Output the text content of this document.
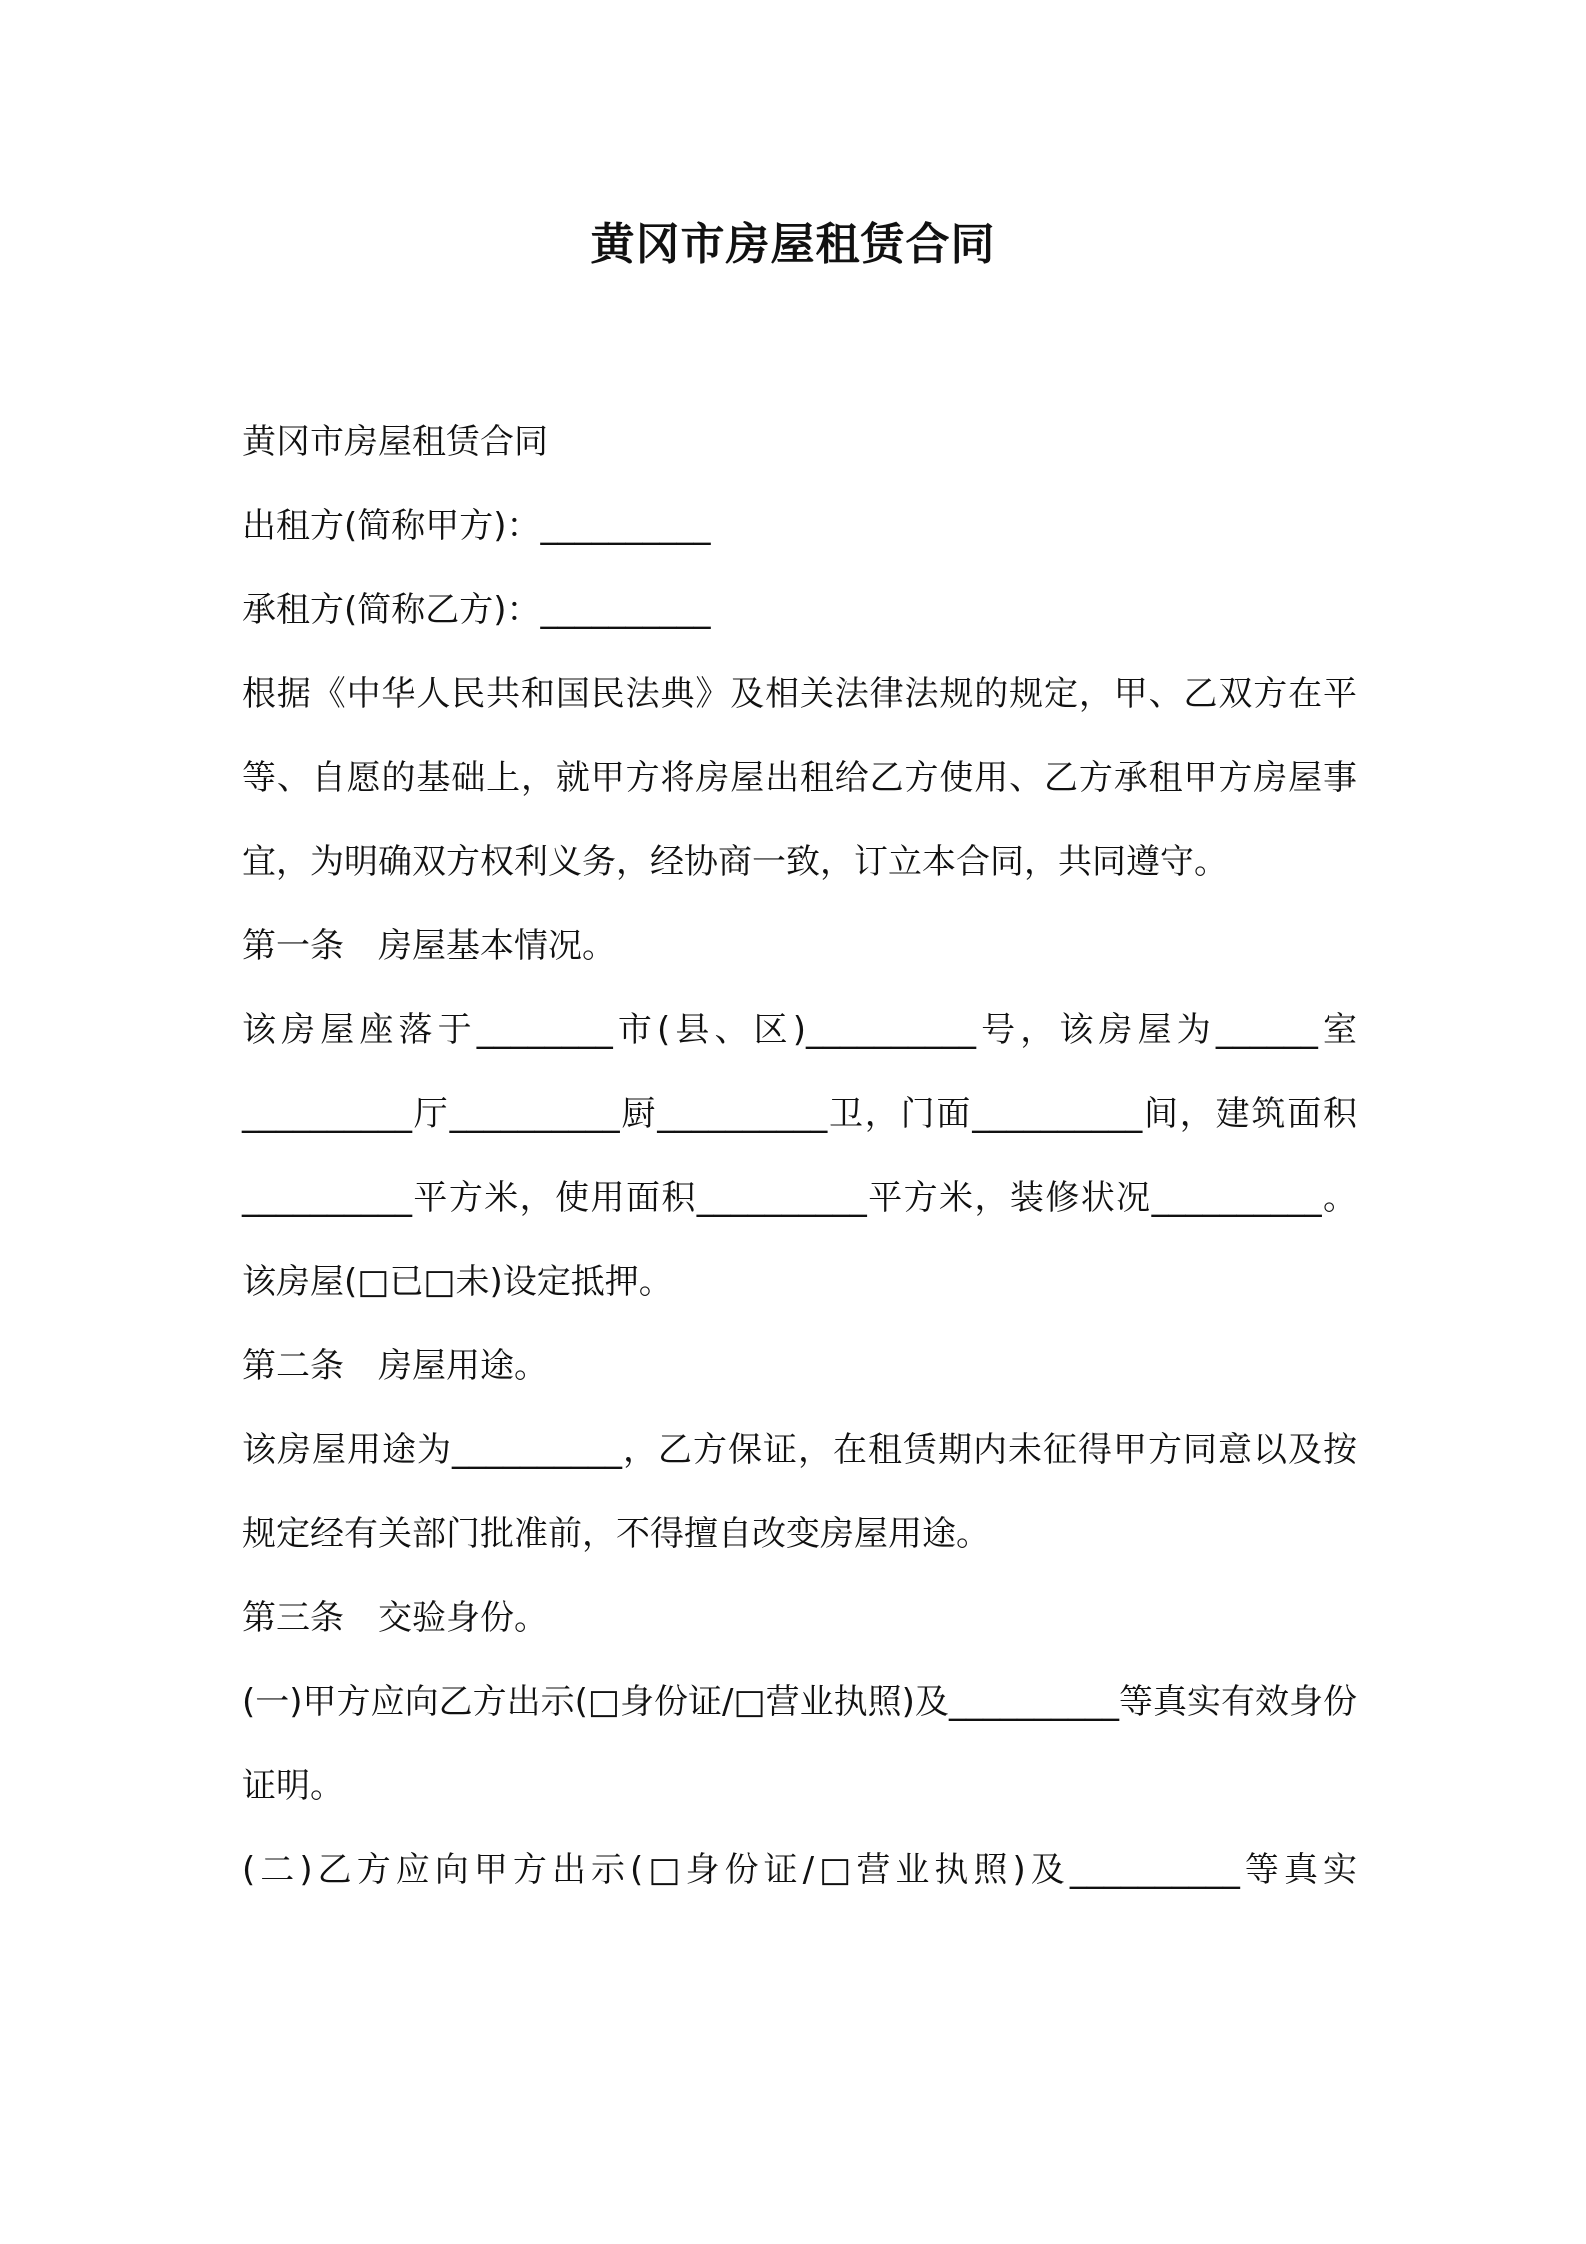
黄冈市房屋租赁合同

黄冈市房屋租赁合同

出租方(简称甲方)：__________

承租方(简称乙方)：__________

根据《中华人民共和国民法典》及相关法律法规的规定，甲、乙双方在平等、自愿的基础上，就甲方将房屋出租给乙方使用、乙方承租甲方房屋事宜，为明确双方权利义务，经协商一致，订立本合同，共同遵守。

第一条　房屋基本情况。

该房屋座落于________市(县、区)__________号，该房屋为______室__________厅__________厨__________卫，门面__________间，建筑面积__________平方米，使用面积__________平方米，装修状况__________。该房屋(□已□未)设定抵押。

第二条　房屋用途。

该房屋用途为__________，乙方保证，在租赁期内未征得甲方同意以及按规定经有关部门批准前，不得擅自改变房屋用途。

第三条　交验身份。

(一)甲方应向乙方出示(□身份证/□营业执照)及__________等真实有效身份证明。

(二)乙方应向甲方出示(□身份证/□营业执照)及__________等真实
